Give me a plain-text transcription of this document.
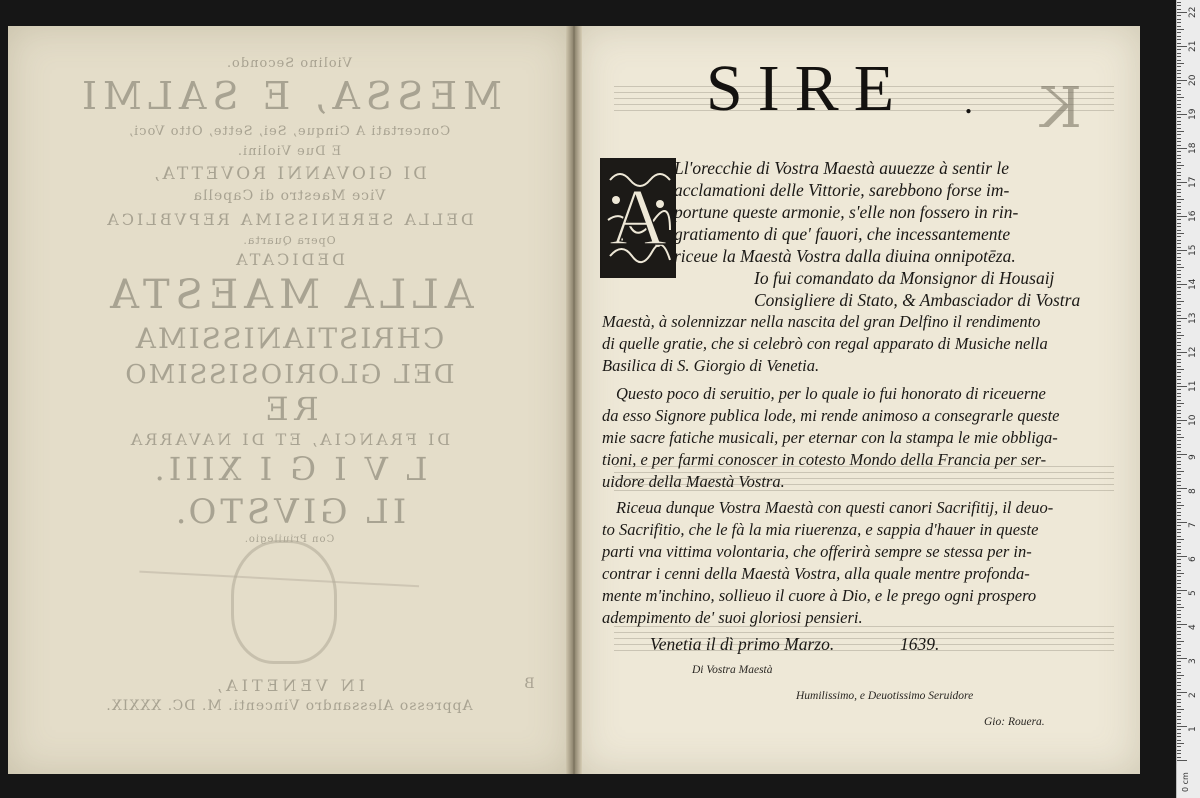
Violino Secondo.
MESSA, E SALMI
Concertati A Cinque, Sei, Sette, Otto Voci,
E Due Violini.
DI GIOVANNI ROVETTA,
Vice Maestro di Capella
DELLA SERENISSIMA REPVBLICA
Opera Quarta.
DEDICATA
ALLA MAESTA
CHRISTIANISSIMA
DEL GLORIOSISSIMO
RE
DI FRANCIA, ET DI NAVARRA
L V I G I XIII.
IL GIVSTO.
Con Priuilegio.
IN VENETIA,
Appresso Alessandro Vincenti. M. DC. XXXIX.
B
K
SIRE	.
A
Ll'orecchie di Vostra Maestà auuezze à sentir le
acclamationi delle Vittorie, sarebbono forse im-
portune queste armonie, s'elle non fossero in rin-
gratiamento di que' fauori, che incessantemente
riceue la Maestà Vostra dalla diuina onnipotēza.
Io fui comandato da Monsignor di Housaij
Consigliere di Stato, & Ambasciador di Vostra
Maestà, à solennizzar nella nascita del gran Delfino il rendimento
di quelle gratie, che si celebrò con regal apparato di Musiche nella
Basilica di S. Giorgio di Venetia.
Questo poco di seruitio, per lo quale io fui honorato di riceuerne
da esso Signore publica lode, mi rende animoso a consegrarle queste
mie sacre fatiche musicali, per eternar con la stampa le mie obbliga-
tioni, e per farmi conoscer in cotesto Mondo della Francia per ser-
uidore della Maestà Vostra.
Riceua dunque Vostra Maestà con questi canori Sacrifitij, il deuo-
to Sacrifitio, che le fà la mia riuerenza, e sappia d'hauer in queste
parti vna vittima volontaria, che offerirà sempre se stessa per in-
contrar i cenni della Maestà Vostra, alla quale mentre profonda-
mente m'inchino, sollieuo il cuore à Dio, e le prego ogni prospero
adempimento de' suoi gloriosi pensieri.
Venetia il dì primo Marzo.	1639.
Di Vostra Maestà
Humilissimo, e Deuotissimo Seruidore
Gio: Rouera.
0 cm
1
2
3
4
5
6
7
8
9
10
11
12
13
14
15
16
17
18
19
20
21
22
